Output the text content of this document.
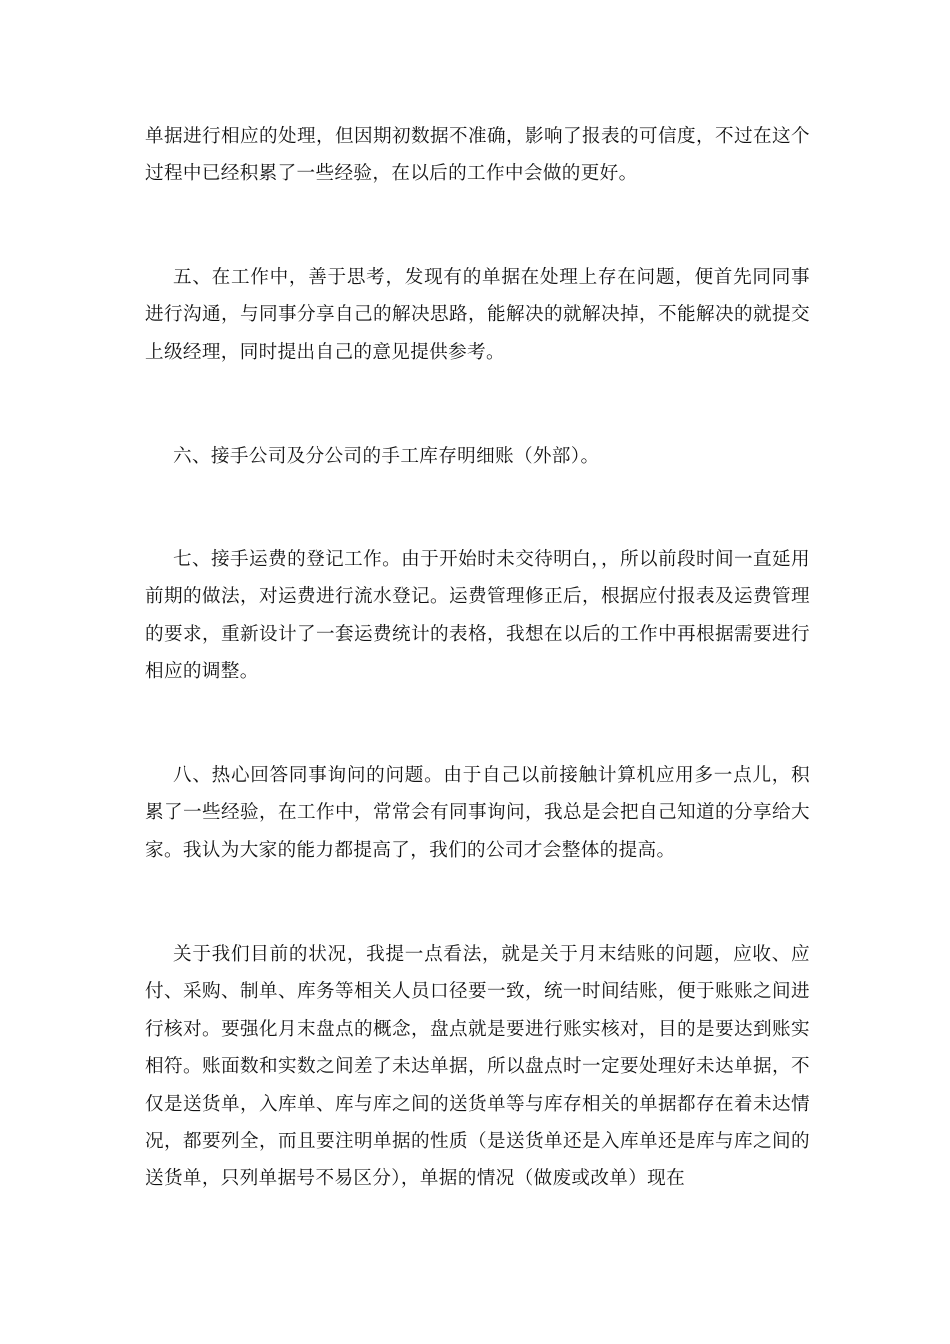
单据进行相应的处理，但因期初数据不准确，影响了报表的可信度，不过在这个过程中已经积累了一些经验，在以后的工作中会做的更好。

五、在工作中，善于思考，发现有的单据在处理上存在问题，便首先同同事进行沟通，与同事分享自己的解决思路，能解决的就解决掉，不能解决的就提交上级经理，同时提出自己的意见提供参考。

六、接手公司及分公司的手工库存明细账（外部）。

七、接手运费的登记工作。由于开始时未交待明白，，所以前段时间一直延用前期的做法，对运费进行流水登记。运费管理修正后，根据应付报表及运费管理的要求，重新设计了一套运费统计的表格，我想在以后的工作中再根据需要进行相应的调整。

八、热心回答同事询问的问题。由于自己以前接触计算机应用多一点儿，积累了一些经验，在工作中，常常会有同事询问，我总是会把自己知道的分享给大家。我认为大家的能力都提高了，我们的公司才会整体的提高。

关于我们目前的状况，我提一点看法，就是关于月末结账的问题，应收、应付、采购、制单、库务等相关人员口径要一致，统一时间结账，便于账账之间进行核对。要强化月末盘点的概念，盘点就是要进行账实核对，目的是要达到账实相符。账面数和实数之间差了未达单据，所以盘点时一定要处理好未达单据，不仅是送货单，入库单、库与库之间的送货单等与库存相关的单据都存在着未达情况，都要列全，而且要注明单据的性质（是送货单还是入库单还是库与库之间的送货单，只列单据号不易区分），单据的情况（做废或改单）现在
